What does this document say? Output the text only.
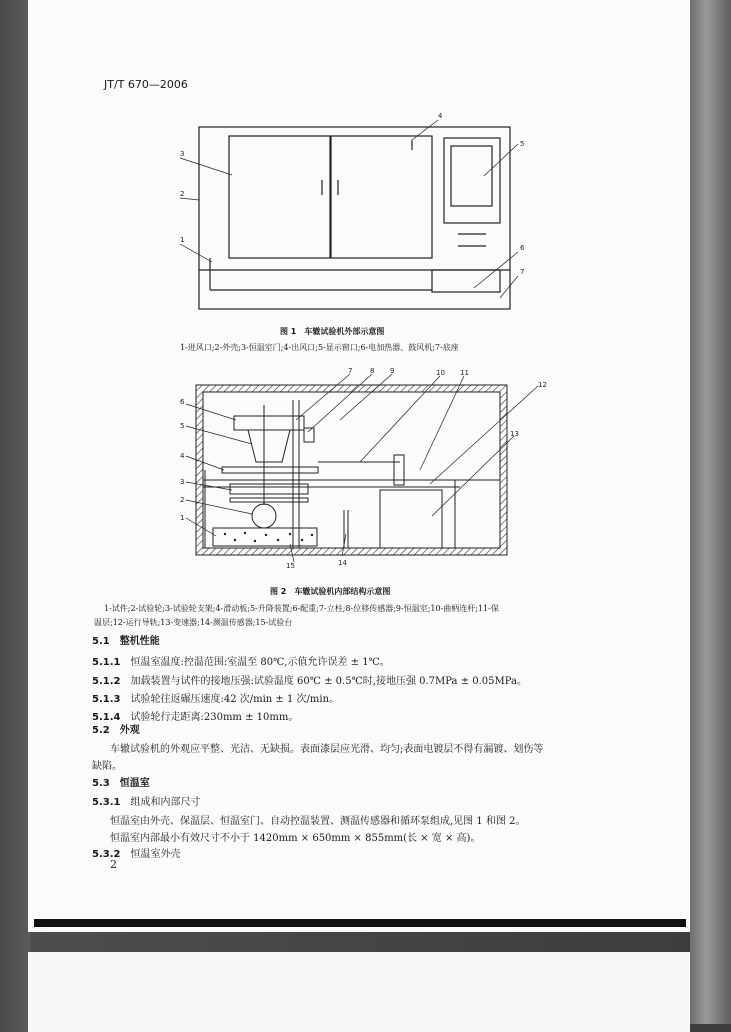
JT/T 670—2006
3
2
1
4
5
6
7
6
5
4
3
2
1
7	8 9	10 11
12
13
14
15
图 1　车辙试验机外部示意图
1-进风口;2-外壳;3-恒温室门;4-出风口;5-显示窗口;6-电加热器、鼓风机;7-底座
图 2　车辙试验机内部结构示意图
1-试件;2-试验轮;3-试验轮支架;4-滑动板;5-升降装置;6-配重;7-立柱;8-位移传感器;9-恒温室;10-曲柄连杆;11-保
温层;12-运行导轨;13-变速器;14-测温传感器;15-试验台
5.1　 整机性能
5.1.1　 恒温室温度:控温范围:室温至 80℃,示值允许误差 ± 1℃。
5.1.2　 加载装置与试件的接地压强:试验温度 60℃ ± 0.5℃时,接地压强 0.7MPa ± 0.05MPa。
5.1.3　 试验轮往返碾压速度:42 次/min ± 1 次/min。
5.1.4　 试验轮行走距离:230mm ± 10mm。
5.2　 外观
车辙试验机的外观应平整、光洁、无缺损。表面漆层应光滑、均匀;表面电镀层不得有漏镀、划伤等
缺陷。
5.3　 恒温室
5.3.1　 组成和内部尺寸
恒温室由外壳、保温层、恒温室门、自动控温装置、测温传感器和循环泵组成,见图 1 和图 2。
恒温室内部最小有效尺寸不小于 1420mm × 650mm × 855mm(长 × 宽 × 高)。
5.3.2　 恒温室外壳
2
